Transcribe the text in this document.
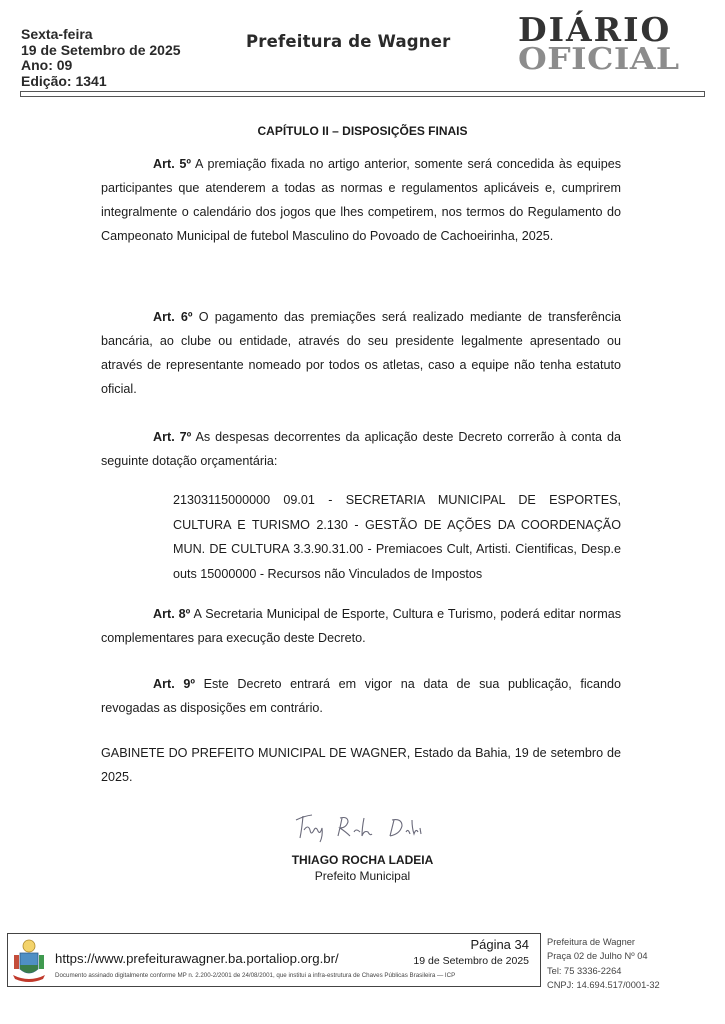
Sexta-feira
19 de Setembro de 2025
Ano: 09
Edição: 1341
Prefeitura de Wagner DIÁRIO
OFICIAL
CAPÍTULO II – DISPOSIÇÕES FINAIS

Art. 5º A premiação fixada no artigo anterior, somente será concedida às equipes participantes que atenderem a todas as normas e regulamentos aplicáveis e, cumprirem integralmente o calendário dos jogos que lhes competirem, nos termos do Regulamento do Campeonato Municipal de futebol Masculino do Povoado de Cachoeirinha, 2025.

Art. 6º O pagamento das premiações será realizado mediante de transferência bancária, ao clube ou entidade, através do seu presidente legalmente apresentado ou através de representante nomeado por todos os atletas, caso a equipe não tenha estatuto oficial.

Art. 7º As despesas decorrentes da aplicação deste Decreto correrão à conta da seguinte dotação orçamentária:

21303115000000 09.01 - SECRETARIA MUNICIPAL DE ESPORTES, CULTURA E TURISMO 2.130 - GESTÃO DE AÇÕES DA COORDENAÇÃO MUN. DE CULTURA 3.3.90.31.00 - Premiacoes Cult, Artisti. Cientificas, Desp.e outs 15000000 - Recursos não Vinculados de Impostos

Art. 8º A Secretaria Municipal de Esporte, Cultura e Turismo, poderá editar normas complementares para execução deste Decreto.

Art. 9º Este Decreto entrará em vigor na data de sua publicação, ficando revogadas as disposições em contrário.

GABINETE DO PREFEITO MUNICIPAL DE WAGNER, Estado da Bahia, 19 de setembro de 2025.

THIAGO ROCHA LADEIA
Prefeito Municipal
https://www.prefeiturawagner.ba.portaliop.org.br/
Documento assinado digitalmente conforme MP n. 2.200-2/2001 de 24/08/2001, que institui a infra-estrutura de Chaves Públicas Brasileira — ICP
Página 34
19 de Setembro de 2025
Prefeitura de Wagner
Praça 02 de Julho Nº 04
Tel: 75 3336-2264
CNPJ: 14.694.517/0001-32
